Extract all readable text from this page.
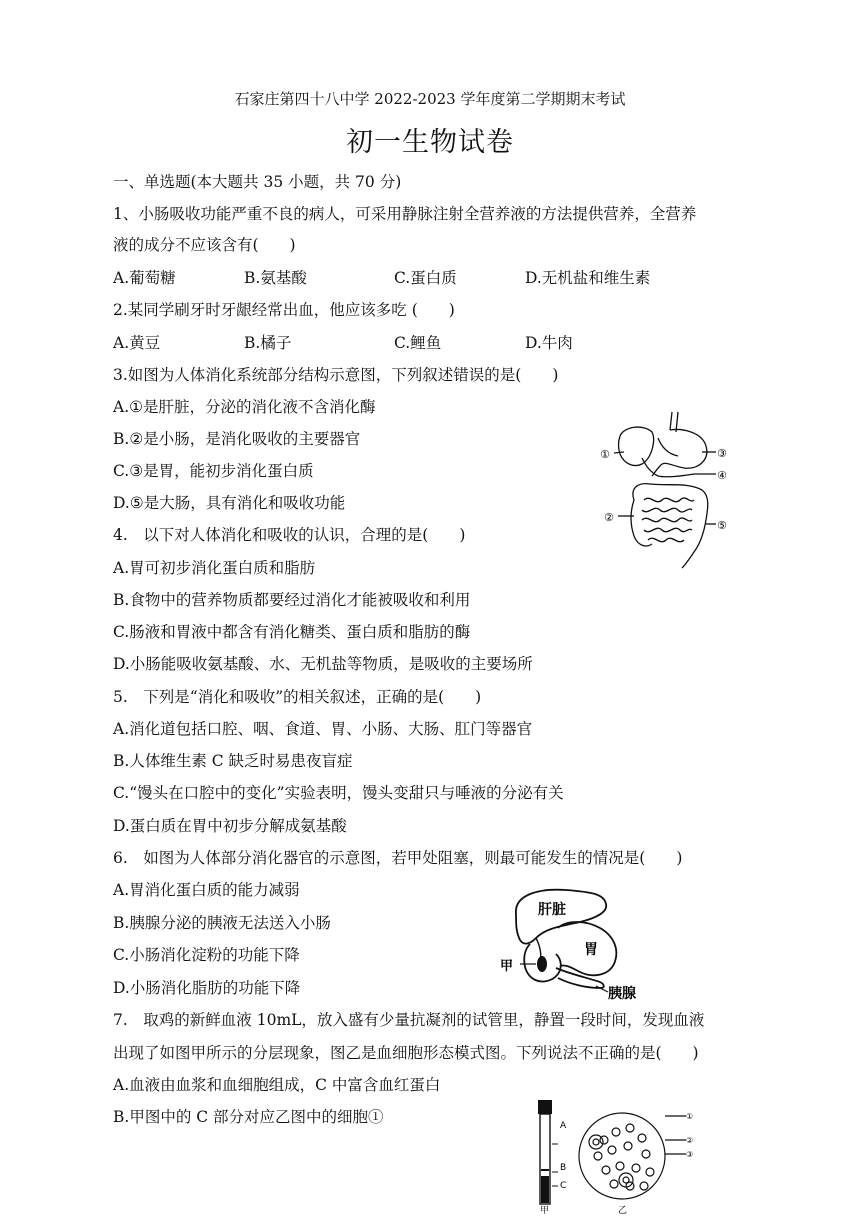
石家庄第四十八中学 2022-2023 学年度第二学期期末考试
初一生物试卷
一、单选题(本大题共 35 小题，共 70 分)
1、小肠吸收功能严重不良的病人，可采用静脉注射全营养液的方法提供营养，全营养
液的成分不应该含有(　　)
A.葡萄糖	B.氨基酸	C.蛋白质	D.无机盐和维生素
2.某同学刷牙时牙龈经常出血，他应该多吃 (　　)
A.黄豆	B.橘子	C.鲤鱼	D.牛肉
3.如图为人体消化系统部分结构示意图，下列叙述错误的是(　　)
A.①是肝脏，分泌的消化液不含消化酶
B.②是小肠，是消化吸收的主要器官
C.③是胃，能初步消化蛋白质
D.⑤是大肠，具有消化和吸收功能
①	③
④
②
⑤
4.　以下对人体消化和吸收的认识，合理的是(　　)
A.胃可初步消化蛋白质和脂肪
B.食物中的营养物质都要经过消化才能被吸收和利用
C.肠液和胃液中都含有消化糖类、蛋白质和脂肪的酶
D.小肠能吸收氨基酸、水、无机盐等物质，是吸收的主要场所
5.　下列是“消化和吸收”的相关叙述，正确的是(　　)
A.消化道包括口腔、咽、食道、胃、小肠、大肠、肛门等器官
B.人体维生素 C 缺乏时易患夜盲症
C.“馒头在口腔中的变化”实验表明，馒头变甜只与唾液的分泌有关
D.蛋白质在胃中初步分解成氨基酸
6.　如图为人体部分消化器官的示意图，若甲处阻塞，则最可能发生的情况是(　　)
A.胃消化蛋白质的能力减弱
B.胰腺分泌的胰液无法送入小肠
C.小肠消化淀粉的功能下降
D.小肠消化脂肪的功能下降
肝脏
胃
甲
胰腺
7.　取鸡的新鲜血液 10mL，放入盛有少量抗凝剂的试管里，静置一段时间，发现血液
出现了如图甲所示的分层现象，图乙是血细胞形态模式图。下列说法不正确的是(　　)
A.血液由血浆和血细胞组成，C 中富含血红蛋白
B.甲图中的 C 部分对应乙图中的细胞①	A
B
C
甲
①
②
③
乙
